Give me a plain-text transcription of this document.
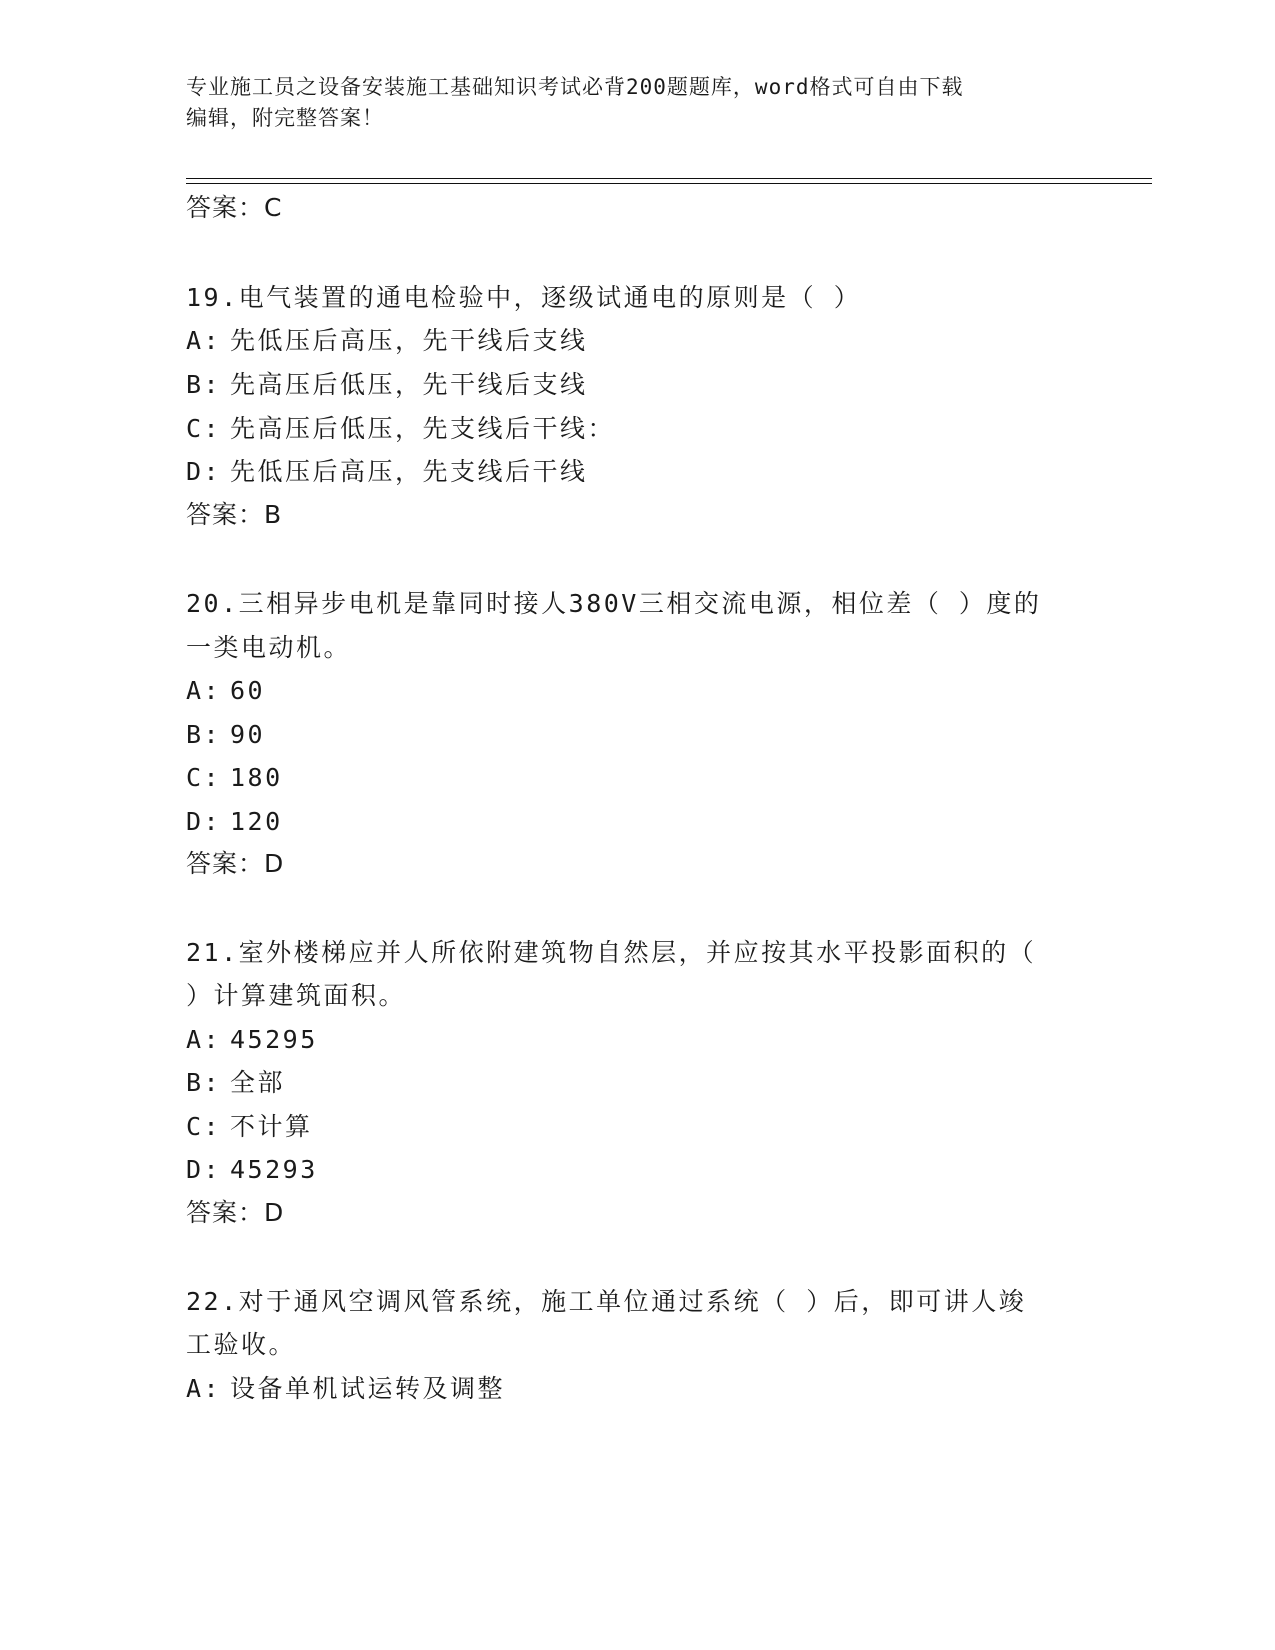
专业施工员之设备安装施工基础知识考试必背200题题库，word格式可自由下载
编辑，附完整答案！
答案：C
19.电气装置的通电检验中，逐级试通电的原则是（ ）
A: 先低压后高压，先干线后支线
B: 先高压后低压，先干线后支线
C: 先高压后低压，先支线后干线：
D: 先低压后高压，先支线后干线
答案：B
20.三相异步电机是靠同时接人380V三相交流电源，相位差（ ）度的
一类电动机。
A: 60
B: 90
C: 180
D: 120
答案：D
21.室外楼梯应并人所依附建筑物自然层，并应按其水平投影面积的（
）计算建筑面积。
A: 45295
B: 全部
C: 不计算
D: 45293
答案：D
22.对于通风空调风管系统，施工单位通过系统（ ）后，即可讲人竣
工验收。
A: 设备单机试运转及调整
